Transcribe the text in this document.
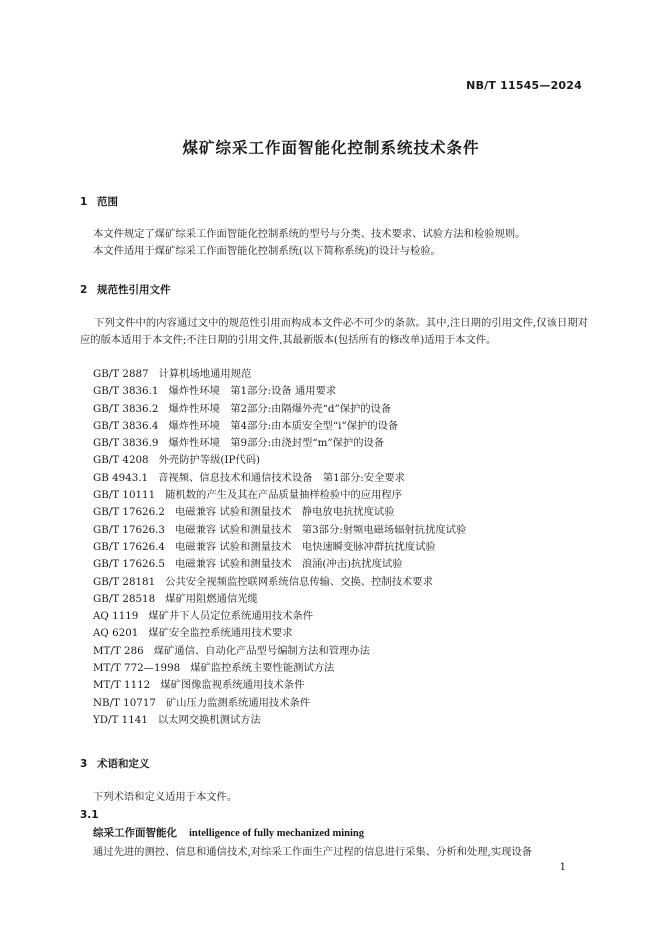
NB/T 11545—2024
煤矿综采工作面智能化控制系统技术条件
1 范围
本文件规定了煤矿综采工作面智能化控制系统的型号与分类、技术要求、试验方法和检验规则。
本文件适用于煤矿综采工作面智能化控制系统(以下简称系统)的设计与检验。
2 规范性引用文件
下列文件中的内容通过文中的规范性引用而构成本文件必不可少的条款。其中,注日期的引用文件,仅该日期对应的版本适用于本文件;不注日期的引用文件,其最新版本(包括所有的修改单)适用于本文件。
GB/T 2887 计算机场地通用规范
GB/T 3836.1 爆炸性环境　第1部分:设备 通用要求
GB/T 3836.2 爆炸性环境　第2部分:由隔爆外壳“d”保护的设备
GB/T 3836.4 爆炸性环境　第4部分:由本质安全型“i”保护的设备
GB/T 3836.9 爆炸性环境　第9部分:由浇封型“m”保护的设备
GB/T 4208 外壳防护等级(IP代码)
GB 4943.1 音视频、信息技术和通信技术设备　第1部分:安全要求
GB/T 10111 随机数的产生及其在产品质量抽样检验中的应用程序
GB/T 17626.2 电磁兼容 试验和测量技术　静电放电抗扰度试验
GB/T 17626.3 电磁兼容 试验和测量技术　第3部分:射频电磁场辐射抗扰度试验
GB/T 17626.4 电磁兼容 试验和测量技术　电快速瞬变脉冲群抗扰度试验
GB/T 17626.5 电磁兼容 试验和测量技术　浪涌(冲击)抗扰度试验
GB/T 28181 公共安全视频监控联网系统信息传输、交换、控制技术要求
GB/T 28518 煤矿用阻燃通信光缆
AQ 1119 煤矿井下人员定位系统通用技术条件
AQ 6201 煤矿安全监控系统通用技术要求
MT/T 286 煤矿通信、自动化产品型号编制方法和管理办法
MT/T 772—1998 煤矿监控系统主要性能测试方法
MT/T 1112 煤矿图像监视系统通用技术条件
NB/T 10717 矿山压力监测系统通用技术条件
YD/T 1141 以太网交换机测试方法
3 术语和定义
下列术语和定义适用于本文件。
3.1
综采工作面智能化 intelligence of fully mechanized mining
通过先进的测控、信息和通信技术,对综采工作面生产过程的信息进行采集、分析和处理,实现设备
1
